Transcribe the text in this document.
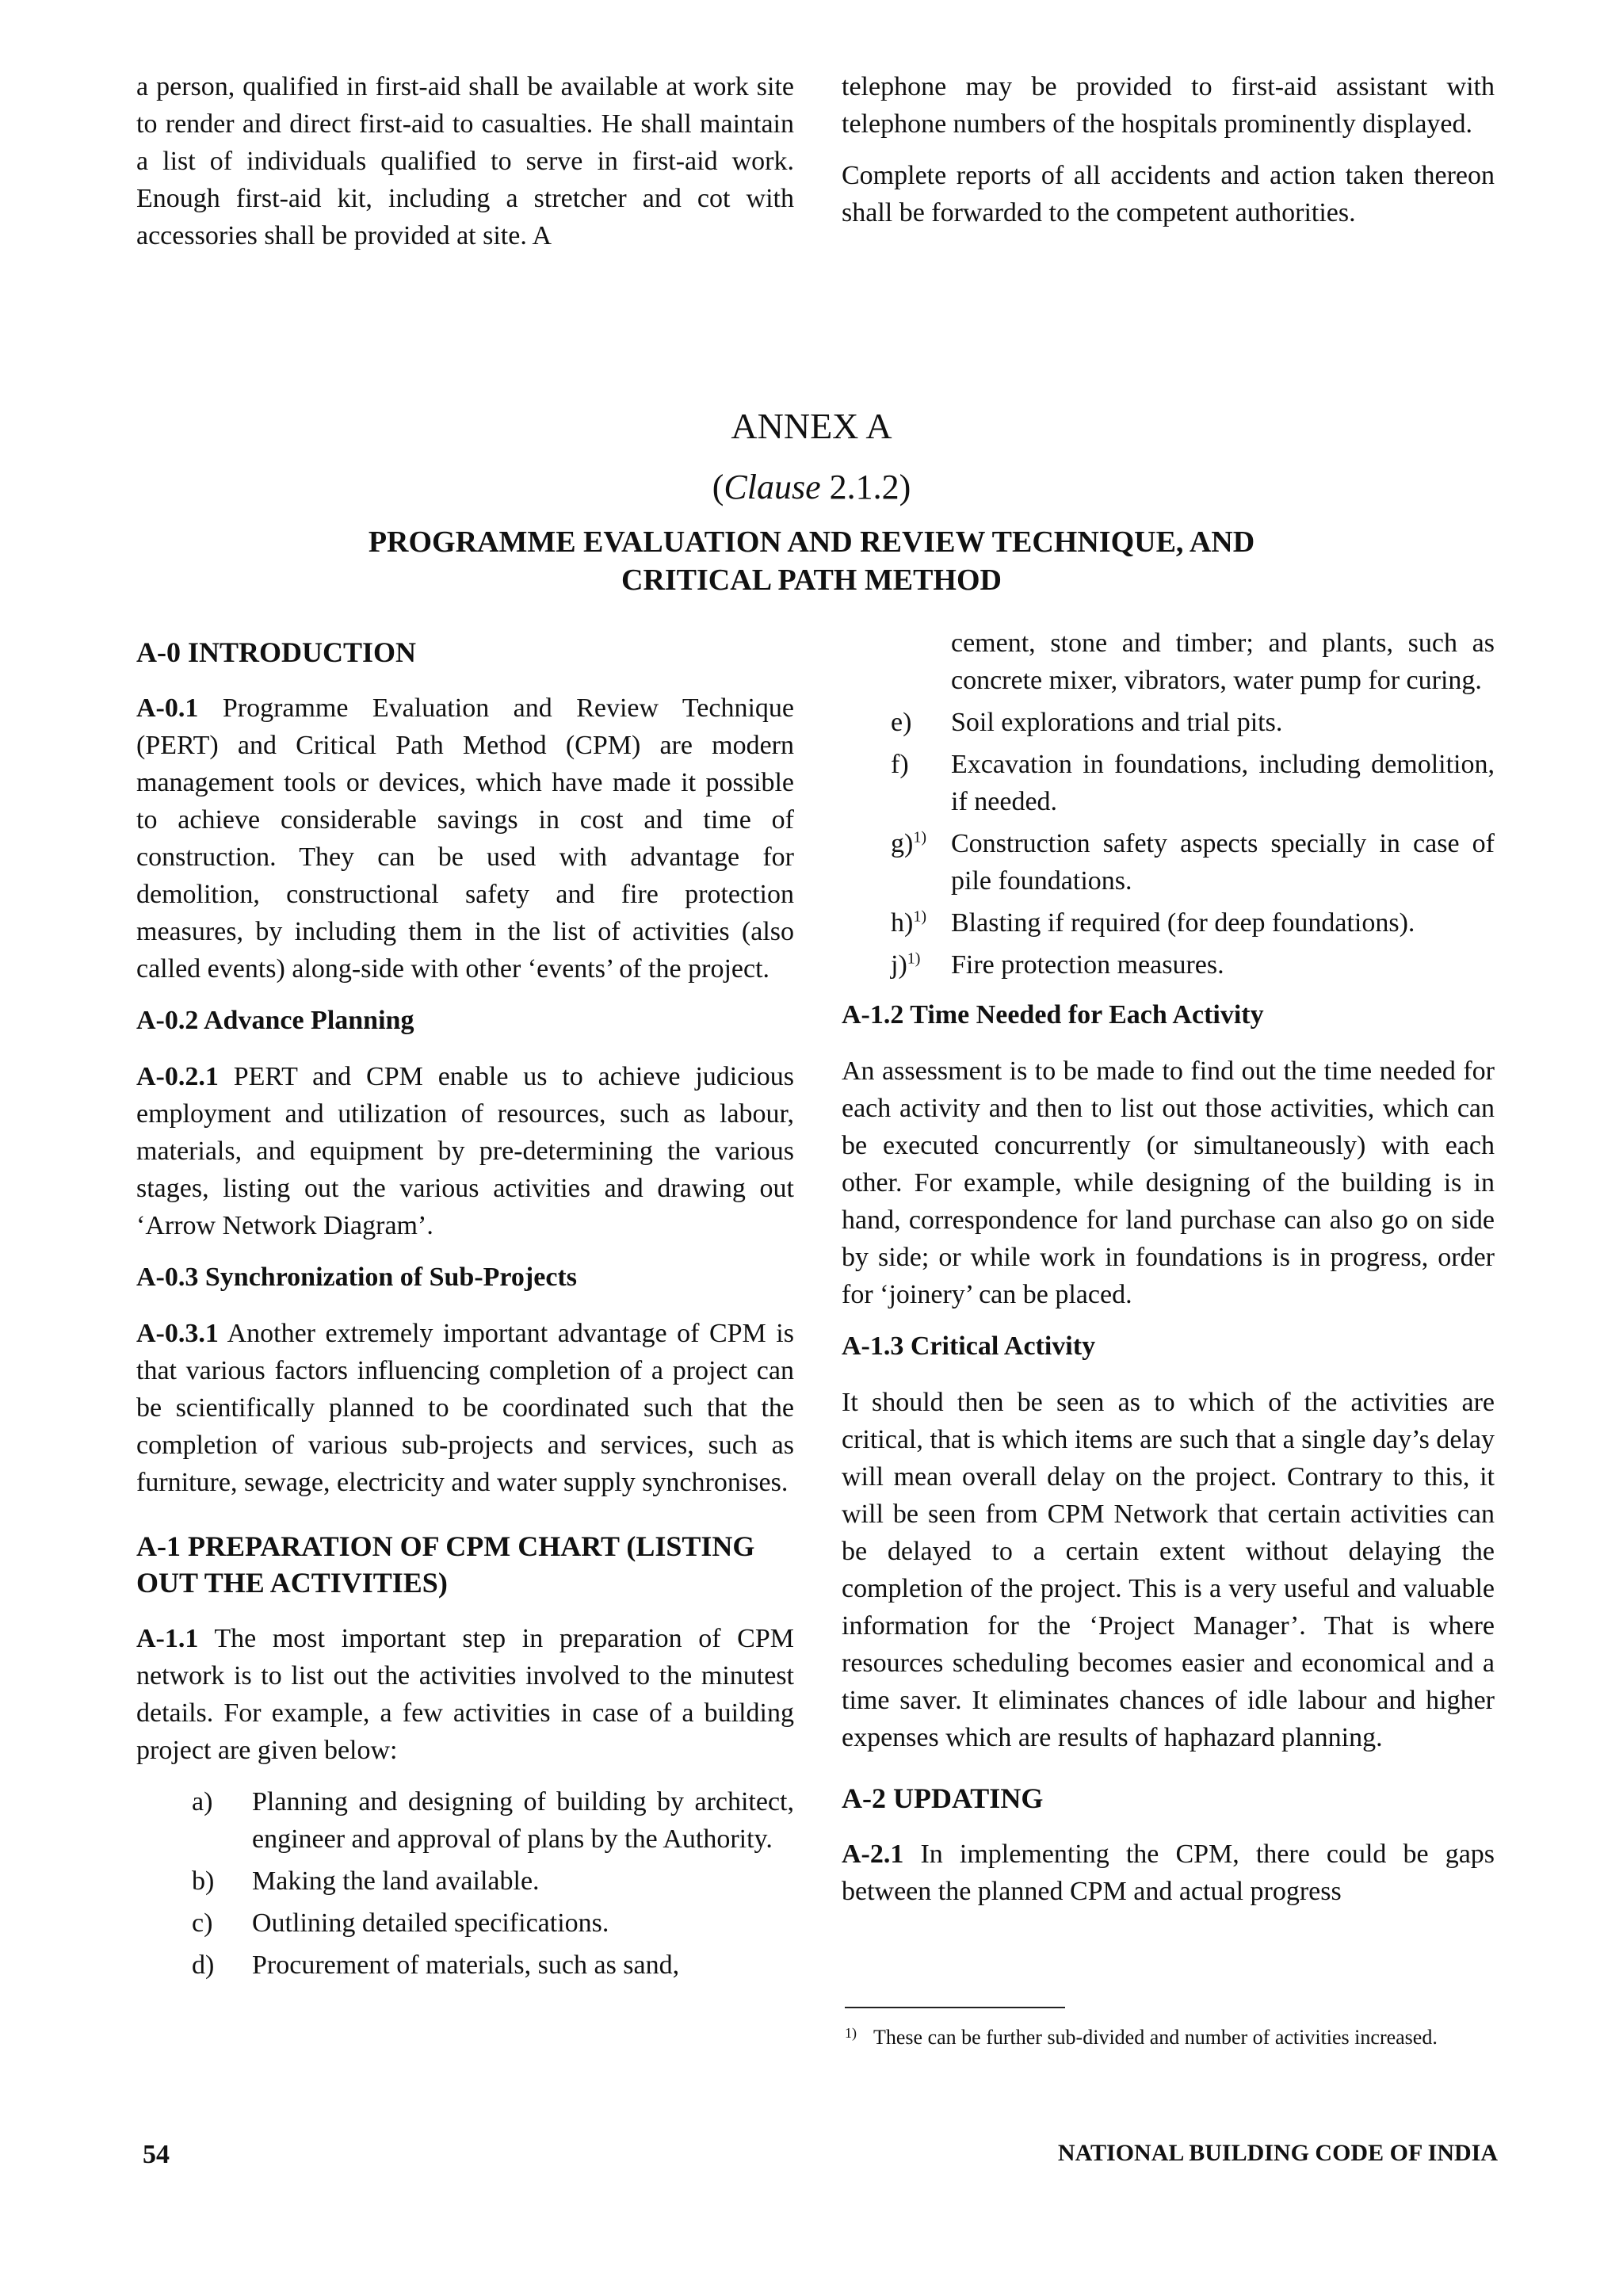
a person, qualified in first-aid shall be available at work site to render and direct first-aid to casualties. He shall maintain a list of individuals qualified to serve in first-aid work. Enough first-aid kit, including a stretcher and cot with accessories shall be provided at site. A

telephone may be provided to first-aid assistant with telephone numbers of the hospitals prominently displayed.

Complete reports of all accidents and action taken thereon shall be forwarded to the competent authorities.

ANNEX A
(Clause 2.1.2)
PROGRAMME EVALUATION AND REVIEW TECHNIQUE, AND
CRITICAL PATH METHOD
A-0 INTRODUCTION

A-0.1 Programme Evaluation and Review Technique (PERT) and Critical Path Method (CPM) are modern management tools or devices, which have made it possible to achieve considerable savings in cost and time of construction. They can be used with advantage for demolition, constructional safety and fire protection measures, by including them in the list of activities (also called events) along-side with other ‘events’ of the project.

A-0.2 Advance Planning

A-0.2.1 PERT and CPM enable us to achieve judicious employment and utilization of resources, such as labour, materials, and equipment by pre-determining the various stages, listing out the various activities and drawing out ‘Arrow Network Diagram’.

A-0.3 Synchronization of Sub-Projects

A-0.3.1 Another extremely important advantage of CPM is that various factors influencing completion of a project can be scientifically planned to be coordinated such that the completion of various sub-projects and services, such as furniture, sewage, electricity and water supply synchronises.

A-1 PREPARATION OF CPM CHART (LISTING OUT THE ACTIVITIES)

A-1.1 The most important step in preparation of CPM network is to list out the activities involved to the minutest details. For example, a few activities in case of a building project are given below:

a) Planning and designing of building by architect, engineer and approval of plans by the Authority.
b) Making the land available.
c) Outlining detailed specifications.
d) Procurement of materials, such as sand,
cement, stone and timber; and plants, such as concrete mixer, vibrators, water pump for curing.
e) Soil explorations and trial pits.
f) Excavation in foundations, including demolition, if needed.
g)$^{1)}$ Construction safety aspects specially in case of pile foundations.
h)$^{1)}$ Blasting if required (for deep foundations).
j)$^{1)}$ Fire protection measures.
A-1.2 Time Needed for Each Activity

An assessment is to be made to find out the time needed for each activity and then to list out those activities, which can be executed concurrently (or simultaneously) with each other. For example, while designing of the building is in hand, correspondence for land purchase can also go on side by side; or while work in foundations is in progress, order for ‘joinery’ can be placed.

A-1.3 Critical Activity

It should then be seen as to which of the activities are critical, that is which items are such that a single day’s delay will mean overall delay on the project. Contrary to this, it will be seen from CPM Network that certain activities can be delayed to a certain extent without delaying the completion of the project. This is a very useful and valuable information for the ‘Project Manager’. That is where resources scheduling becomes easier and economical and a time saver. It eliminates chances of idle labour and higher expenses which are results of haphazard planning.

A-2 UPDATING

A-2.1 In implementing the CPM, there could be gaps between the planned CPM and actual progress

1) These can be further sub-divided and number of activities increased.
54	NATIONAL BUILDING CODE OF INDIA
